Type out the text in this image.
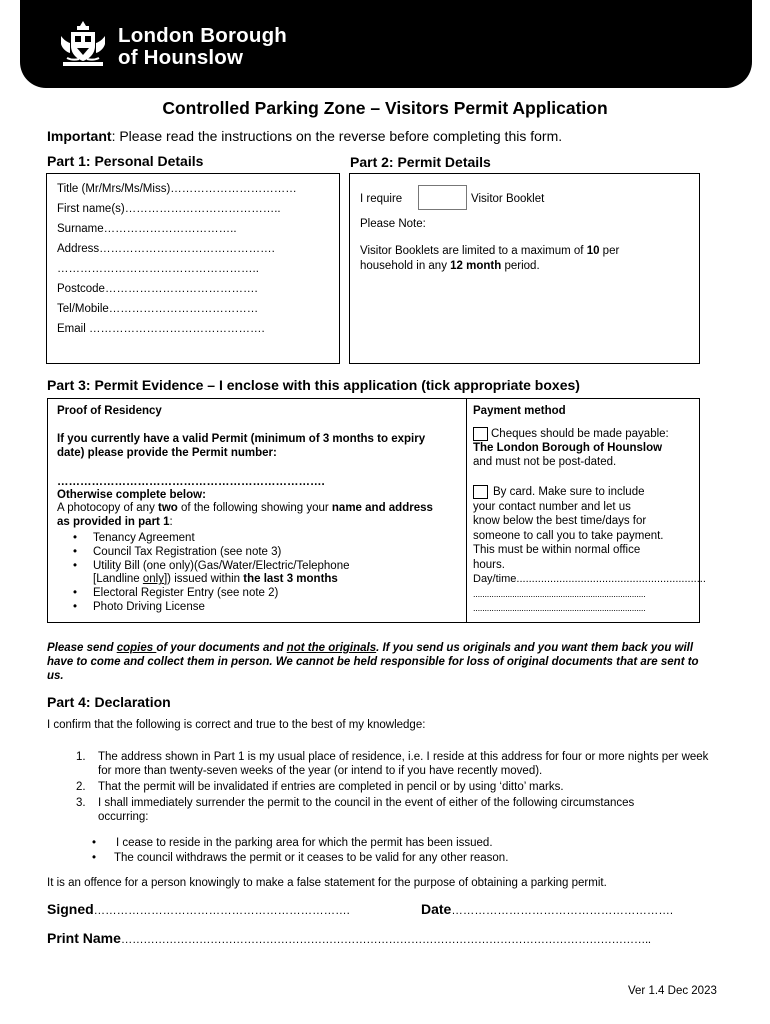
London Borough
of Hounslow
Controlled Parking Zone – Visitors Permit Application
Important: Please read the instructions on the reverse before completing this form.
Part 1: Personal Details
Title (Mr/Mrs/Ms/Miss)……………………………
First name(s)…………………………………..
Surname……………………………..
Address……………………………………….
……………………………………………..
Postcode………………………………….
Tel/Mobile…………………………………
Email ……………………………………….
Part 2: Permit Details
I require	Visitor Booklet
Please Note:
Visitor Booklets are limited to a maximum of 10 per
household in any 12 month period.
Part 3: Permit Evidence – I enclose with this application (tick appropriate boxes)
Proof of Residency
If you currently have a valid Permit (minimum of 3 months to expiry date) please provide the Permit number:
…………………………………………………………….
Otherwise complete below:
A photocopy of any two of the following showing your name and address as provided in part 1:
• Tenancy Agreement
• Council Tax Registration (see note 3)
• Utility Bill (one only)(Gas/Water/Electric/Telephone
[Landline only]) issued within the last 3 months
• Electoral Register Entry (see note 2)
• Photo Driving License
Payment method
Cheques should be made payable:
The London Borough of Hounslow
and must not be post-dated.
By card. Make sure to include
your contact number and let us
know below the best time/days for
someone to call you to take payment.
This must be within normal office
hours.
Day/time..............................................................
...........................................................................
...........................................................................
Please send copies of your documents and not the originals. If you send us originals and you want them back you will have to come and collect them in person. We cannot be held responsible for loss of original documents that are sent to us.
Part 4: Declaration
I confirm that the following is correct and true to the best of my knowledge:
1. The address shown in Part 1 is my usual place of residence, i.e. I reside at this address for four or more nights per week for more than twenty-seven weeks of the year (or intend to if you have recently moved).
2. That the permit will be invalidated if entries are completed in pencil or by using ‘ditto’ marks.
3. I shall immediately surrender the permit to the council in the event of either of the following circumstances occurring:
• I cease to reside in the parking area for which the permit has been issued.
• The council withdraws the permit or it ceases to be valid for any other reason.
It is an offence for a person knowingly to make a false statement for the purpose of obtaining a parking permit.
Signed………………………………………………………….	Date………………………………………………….
Print Name……………………………………………………………………………………………………………………………..
Ver 1.4 Dec 2023
